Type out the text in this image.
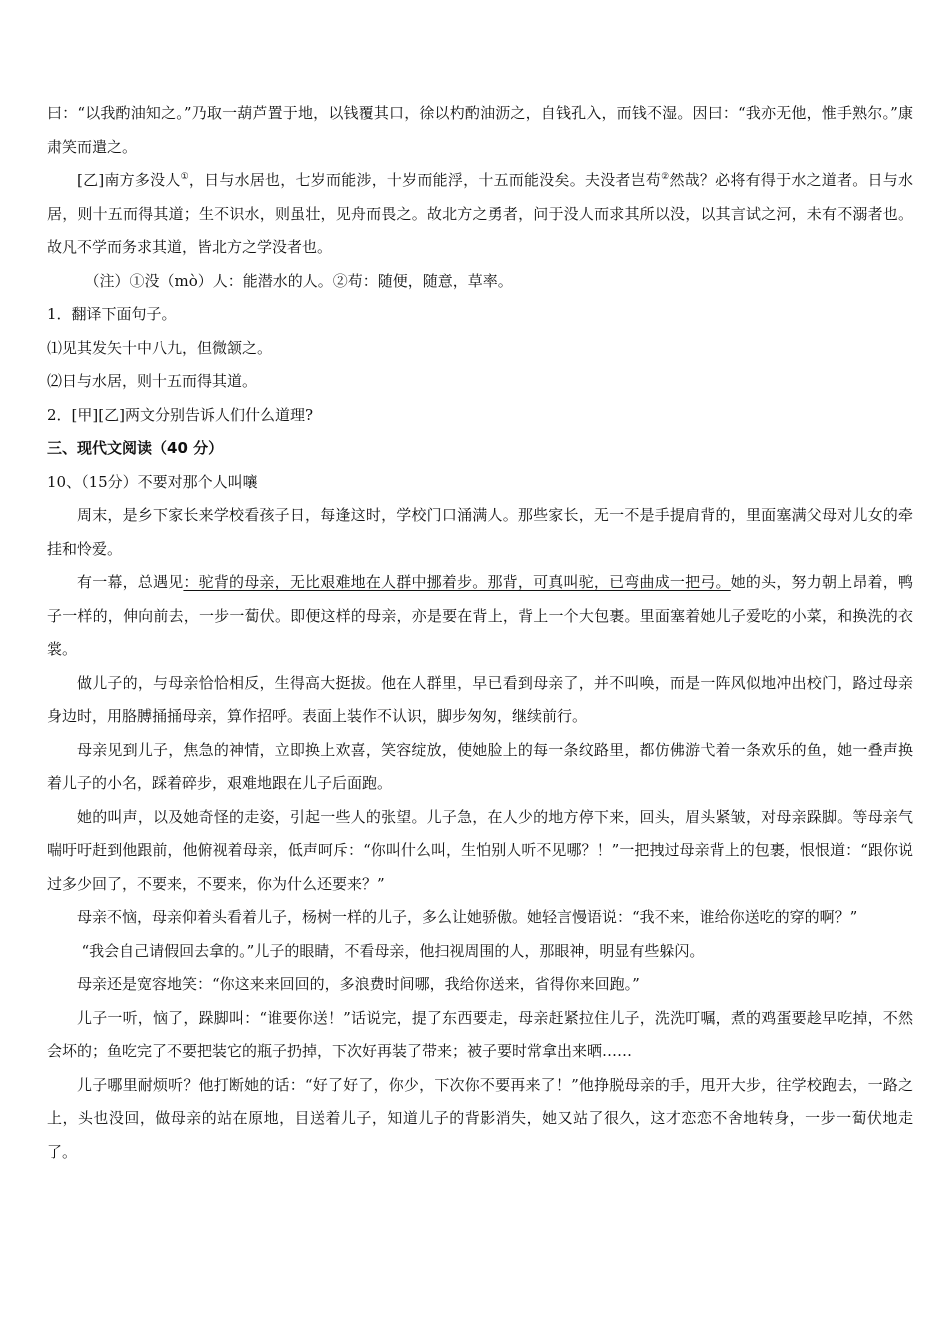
曰：“以我酌油知之。”乃取一葫芦置于地，以钱覆其口，徐以杓酌油沥之，自钱孔入，而钱不湿。因曰：“我亦无他，惟手熟尔。”康肃笑而遣之。

[乙]南方多没人①，日与水居也，七岁而能涉，十岁而能浮，十五而能没矣。夫没者岂苟②然哉？必将有得于水之道者。日与水居，则十五而得其道；生不识水，则虽壮，见舟而畏之。故北方之勇者，问于没人而求其所以没，以其言试之河，未有不溺者也。故凡不学而务求其道，皆北方之学没者也。

（注）①没（mò）人：能潜水的人。②苟：随便，随意，草率。

1．翻译下面句子。

⑴见其发矢十中八九，但微颔之。

⑵日与水居，则十五而得其道。

2．[甲][乙]两文分别告诉人们什么道理?

三、现代文阅读（40 分）

10、（15分）不要对那个人叫嚷

周末，是乡下家长来学校看孩子日，每逢这时，学校门口涌满人。那些家长，无一不是手提肩背的，里面塞满父母对儿女的牵挂和怜爱。

有一幕，总遇见：驼背的母亲，无比艰难地在人群中挪着步。那背，可真叫驼，已弯曲成一把弓。她的头，努力朝上昂着，鸭子一样的，伸向前去，一步一蔔伏。即便这样的母亲，亦是要在背上，背上一个大包裹。里面塞着她儿子爱吃的小菜，和换洗的衣裳。

做儿子的，与母亲恰恰相反，生得高大挺拔。他在人群里，早已看到母亲了，并不叫唤，而是一阵风似地冲出校门，路过母亲身边时，用胳膊捅捅母亲，算作招呼。表面上装作不认识，脚步匆匆，继续前行。

母亲见到儿子，焦急的神情，立即换上欢喜，笑容绽放，使她脸上的每一条纹路里，都仿佛游弋着一条欢乐的鱼，她一叠声换着儿子的小名，踩着碎步，艰难地跟在儿子后面跑。

她的叫声，以及她奇怪的走姿，引起一些人的张望。儿子急，在人少的地方停下来，回头，眉头紧皱，对母亲跺脚。等母亲气喘吁吁赶到他跟前，他俯视着母亲，低声呵斥：“你叫什么叫，生怕别人听不见哪？！”一把拽过母亲背上的包裹，恨恨道：“跟你说过多少回了，不要来，不要来，你为什么还要来？”

母亲不恼，母亲仰着头看着儿子，杨树一样的儿子，多么让她骄傲。她轻言慢语说：“我不来，谁给你送吃的穿的啊？”

“我会自己请假回去拿的。”儿子的眼睛，不看母亲，他扫视周围的人，那眼神，明显有些躲闪。

母亲还是宽容地笑：“你这来来回回的，多浪费时间哪，我给你送来，省得你来回跑。”

儿子一听，恼了，跺脚叫：“谁要你送！”话说完，提了东西要走，母亲赶紧拉住儿子，洗洗叮嘱，煮的鸡蛋要趁早吃掉，不然会坏的；鱼吃完了不要把装它的瓶子扔掉，下次好再装了带来；被子要时常拿出来晒……

儿子哪里耐烦听？他打断她的话：“好了好了，你少，下次你不要再来了！”他挣脱母亲的手，甩开大步，往学校跑去，一路之上，头也没回，做母亲的站在原地，目送着儿子，知道儿子的背影消失，她又站了很久，这才恋恋不舍地转身，一步一蔔伏地走了。
